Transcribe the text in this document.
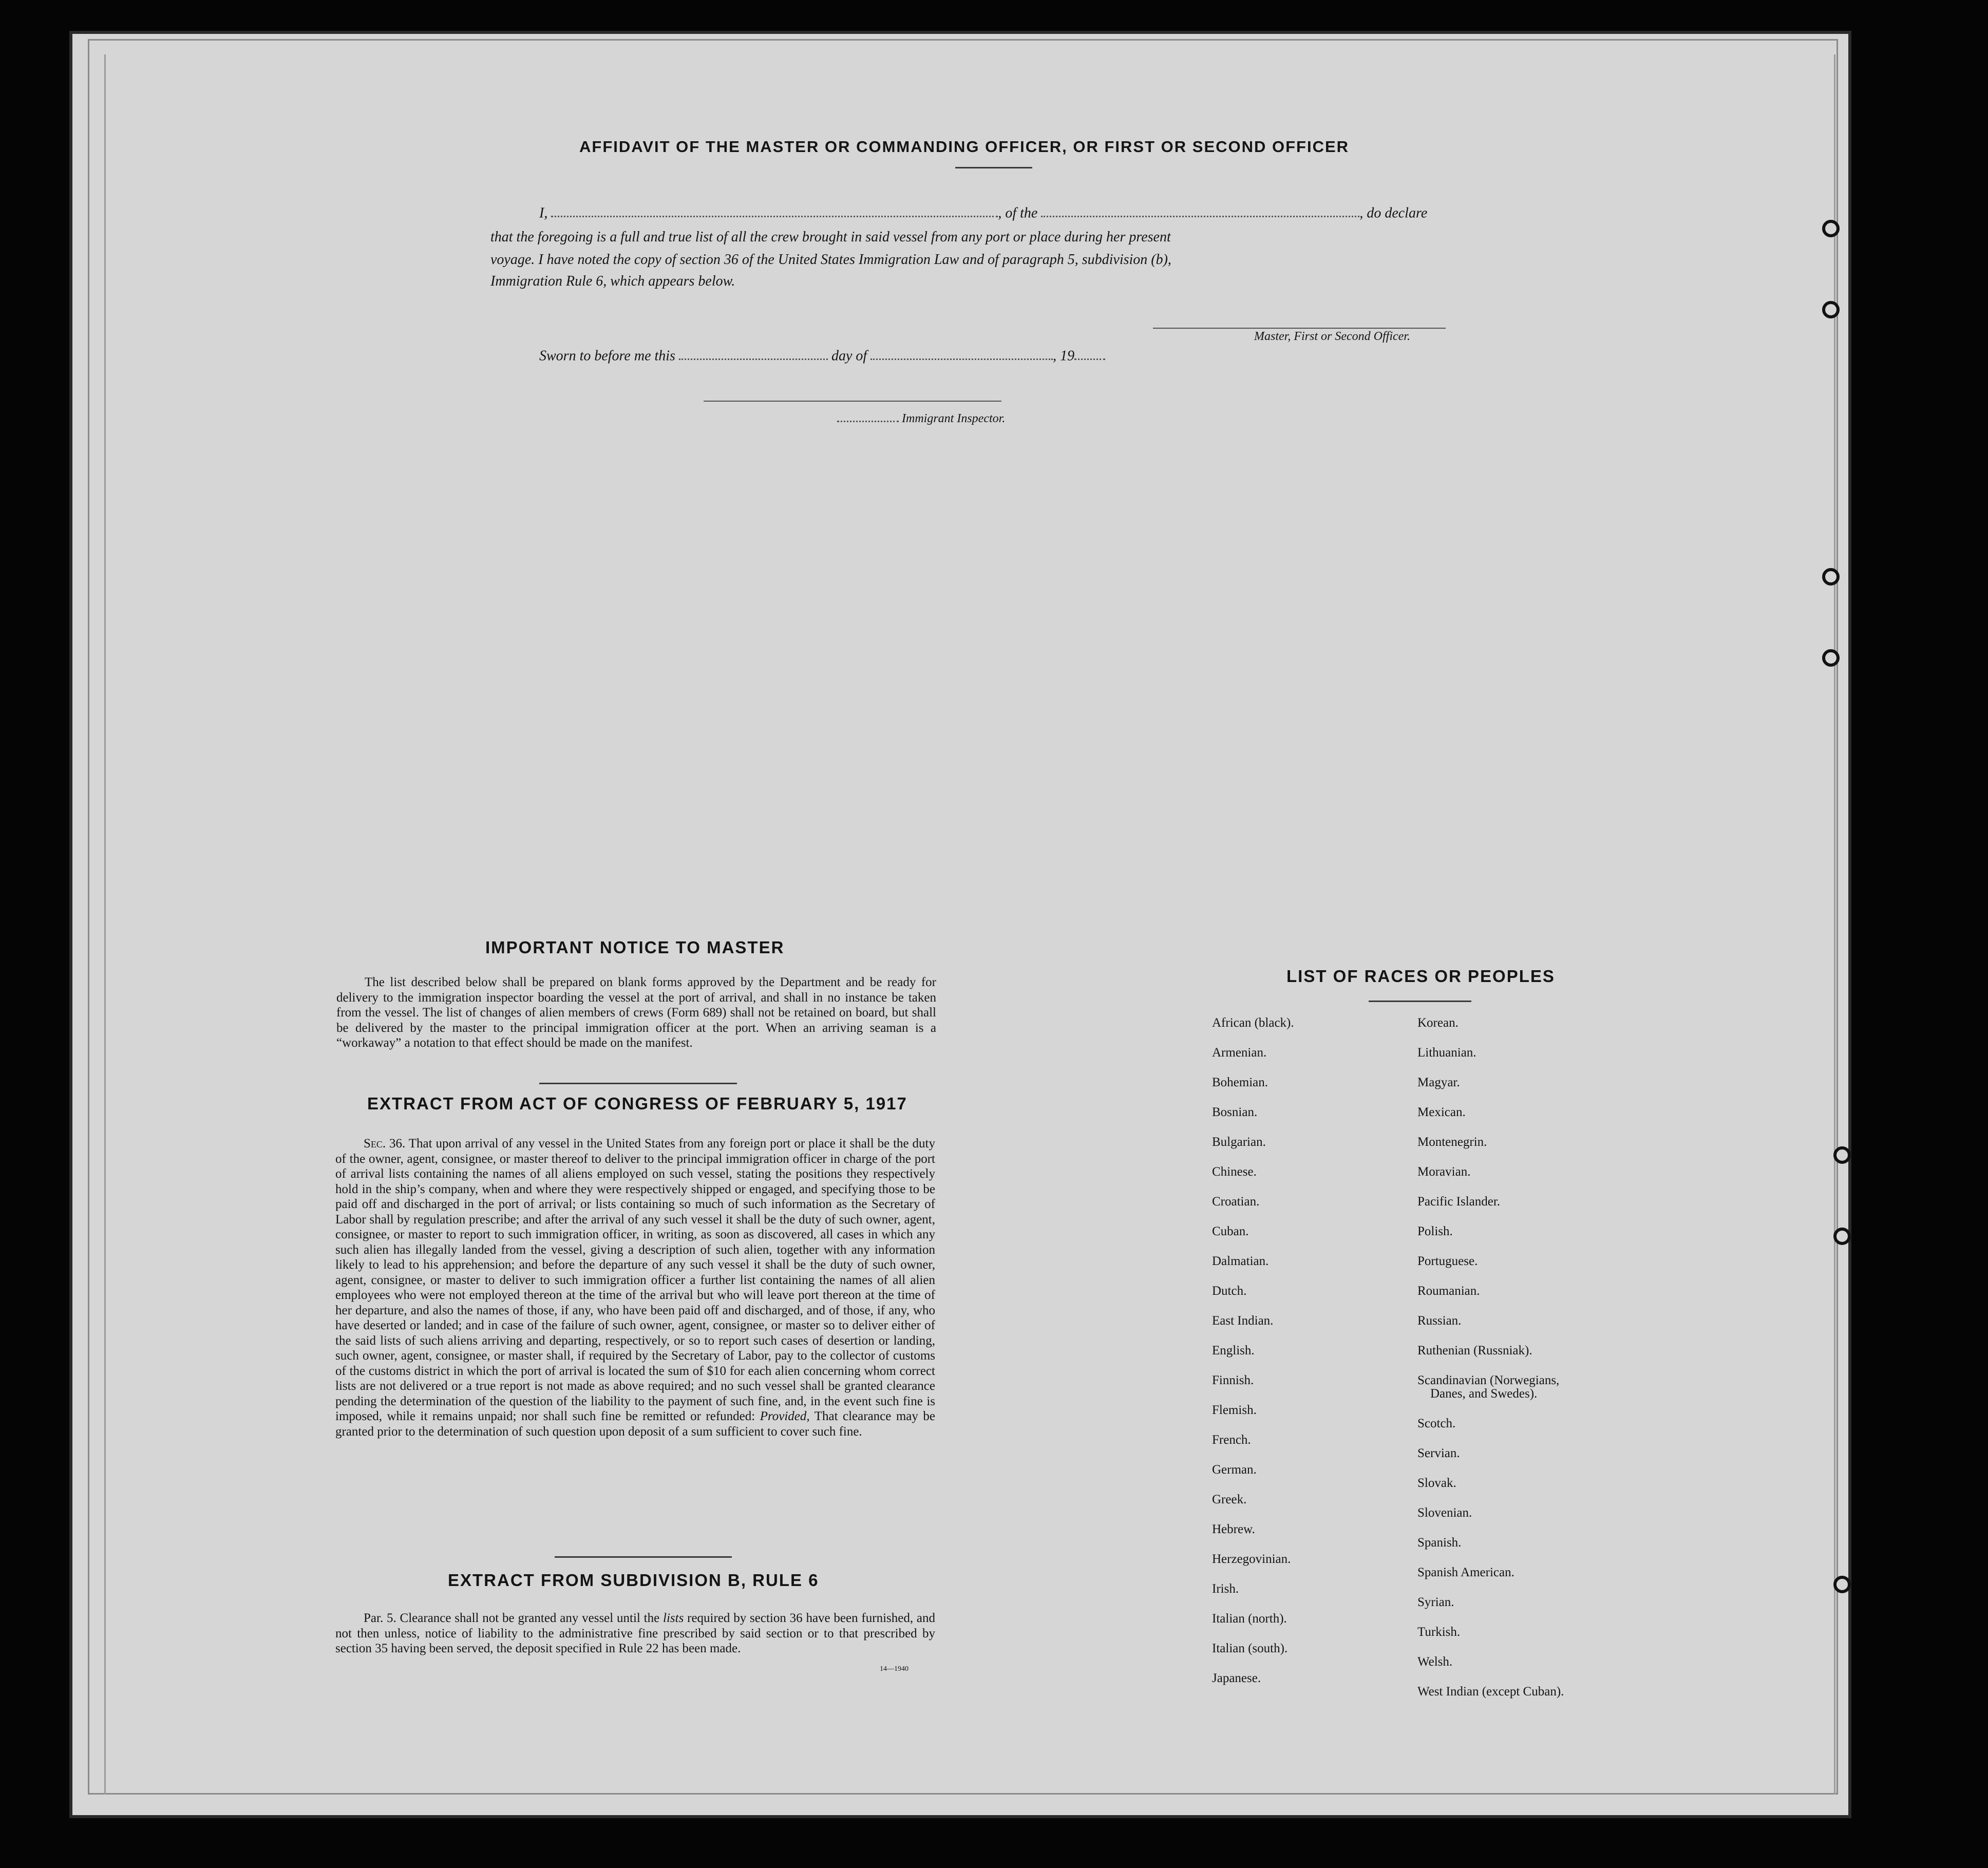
AFFIDAVIT OF THE MASTER OR COMMANDING OFFICER, OR FIRST OR SECOND OFFICER
I,	, of the	, do declare
that the foregoing is a full and true list of all the crew brought in said vessel from any port or place during her present
voyage. I have noted the copy of section 36 of the United States Immigration Law and of paragraph 5, subdivision (b),
Immigration Rule 6, which appears below.
Master, First or Second Officer.
Sworn to before me this	day of	, 19
Immigrant Inspector.
IMPORTANT NOTICE TO MASTER
The list described below shall be prepared on blank forms approved by the Department and be ready for delivery to the immigration inspector boarding the vessel at the port of arrival, and shall in no instance be taken from the vessel. The list of changes of alien members of crews (Form 689) shall not be retained on board, but shall be delivered by the master to the principal immigration officer at the port. When an arriving seaman is a “workaway” a notation to that effect should be made on the manifest.
EXTRACT FROM ACT OF CONGRESS OF FEBRUARY 5, 1917
Sec. 36. That upon arrival of any vessel in the United States from any foreign port or place it shall be the duty of the owner, agent, consignee, or master thereof to deliver to the principal immigration officer in charge of the port of arrival lists containing the names of all aliens employed on such vessel, stating the positions they respectively hold in the ship’s company, when and where they were respectively shipped or engaged, and specifying those to be paid off and discharged in the port of arrival; or lists containing so much of such information as the Secretary of Labor shall by regulation prescribe; and after the arrival of any such vessel it shall be the duty of such owner, agent, consignee, or master to report to such immigration officer, in writing, as soon as discovered, all cases in which any such alien has illegally landed from the vessel, giving a description of such alien, together with any information likely to lead to his apprehension; and before the departure of any such vessel it shall be the duty of such owner, agent, consignee, or master to deliver to such immigration officer a further list containing the names of all alien employees who were not employed thereon at the time of the arrival but who will leave port thereon at the time of her departure, and also the names of those, if any, who have been paid off and discharged, and of those, if any, who have deserted or landed; and in case of the failure of such owner, agent, consignee, or master so to deliver either of the said lists of such aliens arriving and departing, respectively, or so to report such cases of desertion or landing, such owner, agent, consignee, or master shall, if required by the Secretary of Labor, pay to the collector of customs of the customs district in which the port of arrival is located the sum of $10 for each alien concerning whom correct lists are not delivered or a true report is not made as above required; and no such vessel shall be granted clearance pending the determination of the question of the liability to the payment of such fine, and, in the event such fine is imposed, while it remains unpaid; nor shall such fine be remitted or refunded: Provided, That clearance may be granted prior to the determination of such question upon deposit of a sum sufficient to cover such fine.
EXTRACT FROM SUBDIVISION B, RULE 6
Par. 5. Clearance shall not be granted any vessel until the lists required by section 36 have been furnished, and not then unless, notice of liability to the administrative fine prescribed by said section or to that prescribed by section 35 having been served, the deposit specified in Rule 22 has been made.
14—1940
LIST OF RACES OR PEOPLES
African (black).
Armenian.
Bohemian.
Bosnian.
Bulgarian.
Chinese.
Croatian.
Cuban.
Dalmatian.
Dutch.
East Indian.
English.
Finnish.
Flemish.
French.
German.
Greek.
Hebrew.
Herzegovinian.
Irish.
Italian (north).
Italian (south).
Japanese.
Korean.
Lithuanian.
Magyar.
Mexican.
Montenegrin.
Moravian.
Pacific Islander.
Polish.
Portuguese.
Roumanian.
Russian.
Ruthenian (Russniak).
Scandinavian (Norwegians,
Danes, and Swedes).
Scotch.
Servian.
Slovak.
Slovenian.
Spanish.
Spanish American.
Syrian.
Turkish.
Welsh.
West Indian (except Cuban).
